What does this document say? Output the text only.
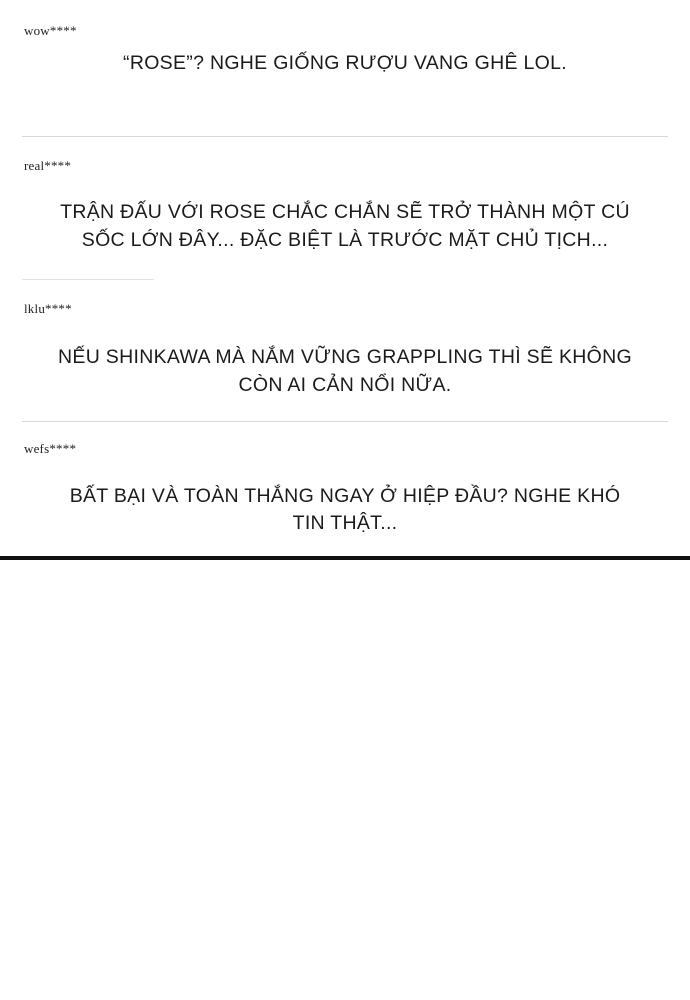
wow****
“ROSE”? NGHE GIỐNG RƯỢU VANG GHÊ LOL.
real****
TRẬN ĐẤU VỚI ROSE CHẮC CHẮN SẼ TRỞ THÀNH MỘT CÚ SỐC LỚN ĐÂY... ĐẶC BIỆT LÀ TRƯỚC MẶT CHỦ TỊCH...
lklu****
NẾU SHINKAWA MÀ NẮM VỮNG GRAPPLING THÌ SẼ KHÔNG CÒN AI CẢN NỔI NỮA.
wefs****
BẤT BẠI VÀ TOÀN THẮNG NGAY Ở HIỆP ĐẦU? NGHE KHÓ TIN THẬT...
